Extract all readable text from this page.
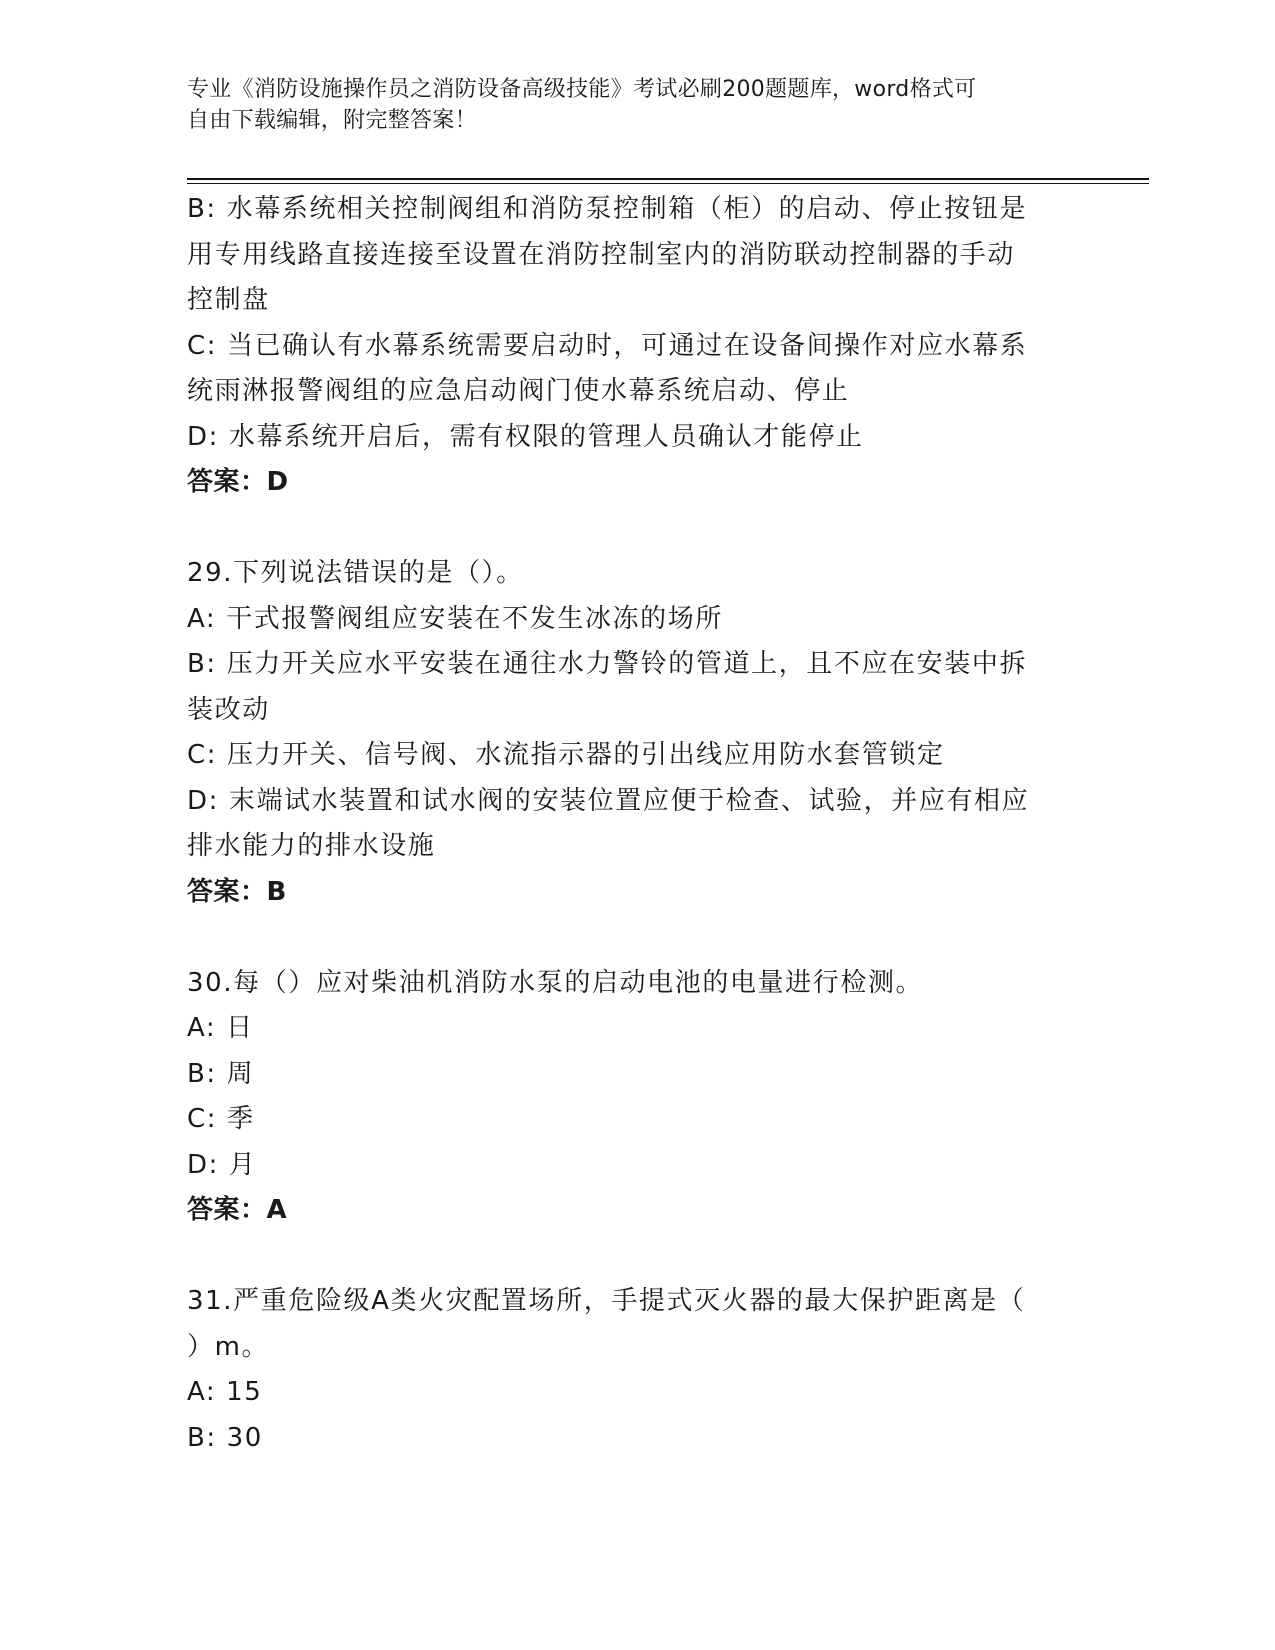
专业《消防设施操作员之消防设备高级技能》考试必刷200题题库，word格式可
自由下载编辑，附完整答案！
B: 水幕系统相关控制阀组和消防泵控制箱（柜）的启动、停止按钮是
用专用线路直接连接至设置在消防控制室内的消防联动控制器的手动
控制盘
C: 当已确认有水幕系统需要启动时，可通过在设备间操作对应水幕系
统雨淋报警阀组的应急启动阀门使水幕系统启动、停止
D: 水幕系统开启后，需有权限的管理人员确认才能停止
答案：D
29.下列说法错误的是（）。
A: 干式报警阀组应安装在不发生冰冻的场所
B: 压力开关应水平安装在通往水力警铃的管道上，且不应在安装中拆
装改动
C: 压力开关、信号阀、水流指示器的引出线应用防水套管锁定
D: 末端试水装置和试水阀的安装位置应便于检查、试验，并应有相应
排水能力的排水设施
答案：B
30.每（）应对柴油机消防水泵的启动电池的电量进行检测。
A: 日
B: 周
C: 季
D: 月
答案：A
31.严重危险级A类火灾配置场所，手提式灭火器的最大保护距离是（
）m。
A: 15
B: 30
